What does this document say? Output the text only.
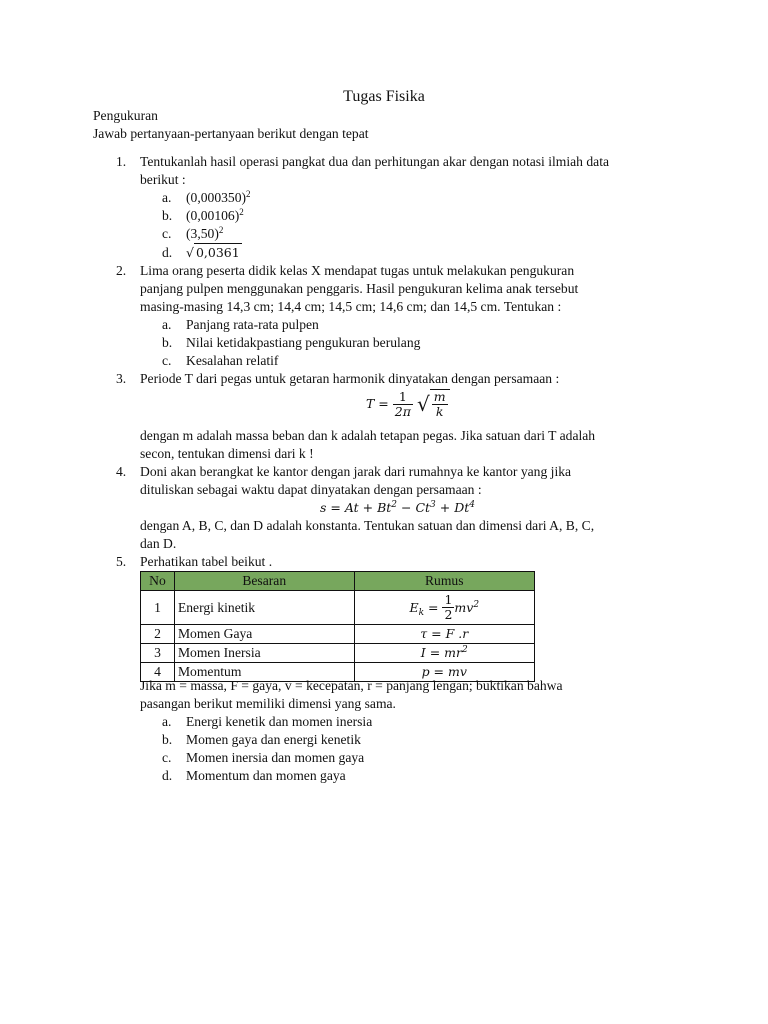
Tugas Fisika
Pengukuran
Jawab pertanyaan-pertanyaan berikut dengan tepat
1. Tentukanlah hasil operasi pangkat dua dan perhitungan akar dengan notasi ilmiah data
berikut :
a. $(0,000350)^2$
b. $(0,00106)^2$
c. $(3,50)^2$
d. √ 0,0361
2. Lima orang peserta didik kelas X mendapat tugas untuk melakukan pengukuran
panjang pulpen menggunakan penggaris. Hasil pengukuran kelima anak tersebut
masing-masing 14,3 cm; 14,4 cm; 14,5 cm; 14,6 cm; dan 14,5 cm. Tentukan :
a. Panjang rata-rata pulpen
b. Nilai ketidakpastiang pengukuran berulang
c. Kesalahan relatif
3. Periode T dari pegas untuk getaran harmonik dinyatakan dengan persamaan :
$T = \frac{1}{2\pi}$ √ $\frac{m}{k}$
dengan m adalah massa beban dan k adalah tetapan pegas. Jika satuan dari T adalah
secon, tentukan dimensi dari k !
4. Doni akan berangkat ke kantor dengan jarak dari rumahnya ke kantor yang jika
dituliskan sebagai waktu dapat dinyatakan dengan persamaan :
$s = At + Bt^2 - Ct^3 + Dt^4$
dengan A, B, C, dan D adalah konstanta. Tentukan satuan dan dimensi dari A, B, C,
dan D.
5. Perhatikan tabel beikut .
No	Besaran	Rumus
1	Energi kinetik	$E_k = \frac{1}{2} mv^2$
2	Momen Gaya	τ = F .r
3	Momen Inersia	$I = mr^2$
4	Momentum	p = mv
Jika m = massa, F = gaya, v = kecepatan, r = panjang lengan; buktikan bahwa
pasangan berikut memiliki dimensi yang sama.
a. Energi kenetik dan momen inersia
b. Momen gaya dan energi kenetik
c. Momen inersia dan momen gaya
d. Momentum dan momen gaya
